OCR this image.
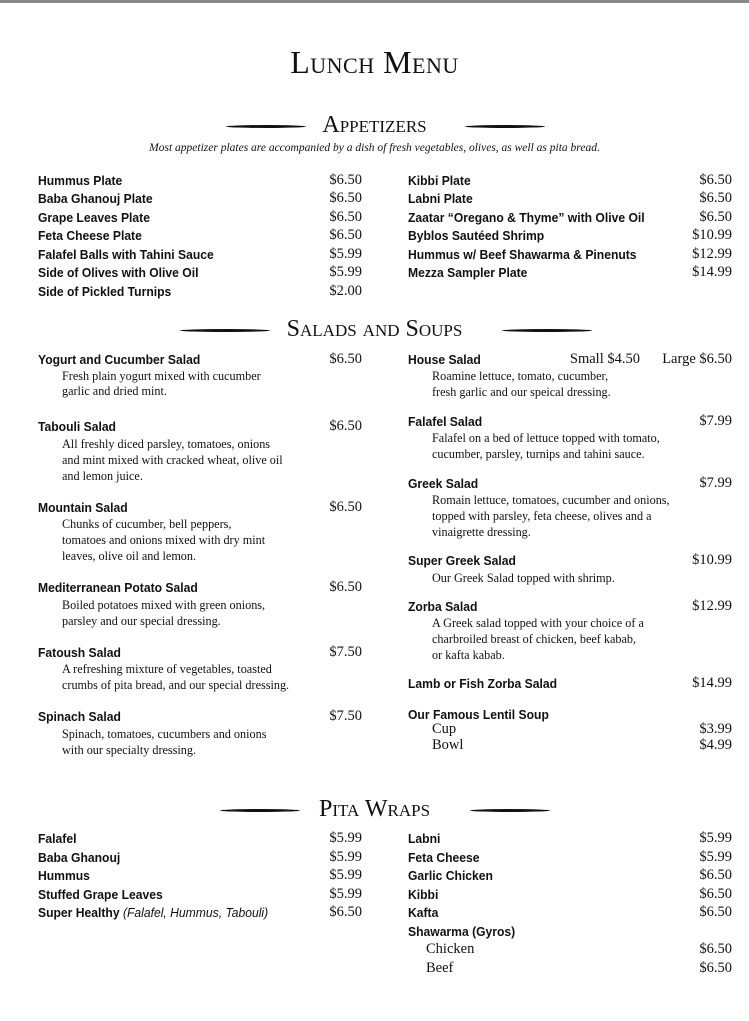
Lunch Menu
Appetizers
Most appetizer plates are accompanied by a dish of fresh vegetables, olives, as well as pita bread.
Hummus Plate	$6.50
Baba Ghanouj Plate	$6.50
Grape Leaves Plate	$6.50
Feta Cheese Plate	$6.50
Falafel Balls with Tahini Sauce	$5.99
Side of Olives with Olive Oil	$5.99
Side of Pickled Turnips	$2.00
Kibbi Plate	$6.50
Labni Plate	$6.50
Zaatar “Oregano & Thyme” with Olive Oil	$6.50
Byblos Sautéed Shrimp	$10.99
Hummus w/ Beef Shawarma & Pinenuts	$12.99
Mezza Sampler Plate	$14.99
Salads and Soups
Yogurt and Cucumber Salad	$6.50
Fresh plain yogurt mixed with cucumber
garlic and dried mint.
Tabouli Salad	$6.50
All freshly diced parsley, tomatoes, onions
and mint mixed with cracked wheat, olive oil
and lemon juice.
Mountain Salad	$6.50
Chunks of cucumber, bell peppers,
tomatoes and onions mixed with dry mint
leaves, olive oil and lemon.
Mediterranean Potato Salad	$6.50
Boiled potatoes mixed with green onions,
parsley and our special dressing.
Fatoush Salad	$7.50
A refreshing mixture of vegetables, toasted
crumbs of pita bread, and our special dressing.
Spinach Salad	$7.50
Spinach, tomatoes, cucumbers and onions
with our specialty dressing.
House Salad	Small $4.50	Large $6.50
Roamine lettuce, tomato, cucumber,
fresh garlic and our speical dressing.
Falafel Salad	$7.99
Falafel on a bed of lettuce topped with tomato,
cucumber, parsley, turnips and tahini sauce.
Greek Salad	$7.99
Romain lettuce, tomatoes, cucumber and onions,
topped with parsley, feta cheese, olives and a
vinaigrette dressing.
Super Greek Salad	$10.99
Our Greek Salad topped with shrimp.
Zorba Salad	$12.99
A Greek salad topped with your choice of a
charbroiled breast of chicken, beef kabab,
or kafta kabab.
Lamb or Fish Zorba Salad	$14.99
Our Famous Lentil Soup
Cup	$3.99
Bowl	$4.99
Pita Wraps
Falafel	$5.99
Baba Ghanouj	$5.99
Hummus	$5.99
Stuffed Grape Leaves	$5.99
Super Healthy (Falafel, Hummus, Tabouli)	$6.50
Labni	$5.99
Feta Cheese	$5.99
Garlic Chicken	$6.50
Kibbi	$6.50
Kafta	$6.50
Shawarma (Gyros)
Chicken	$6.50
Beef	$6.50
